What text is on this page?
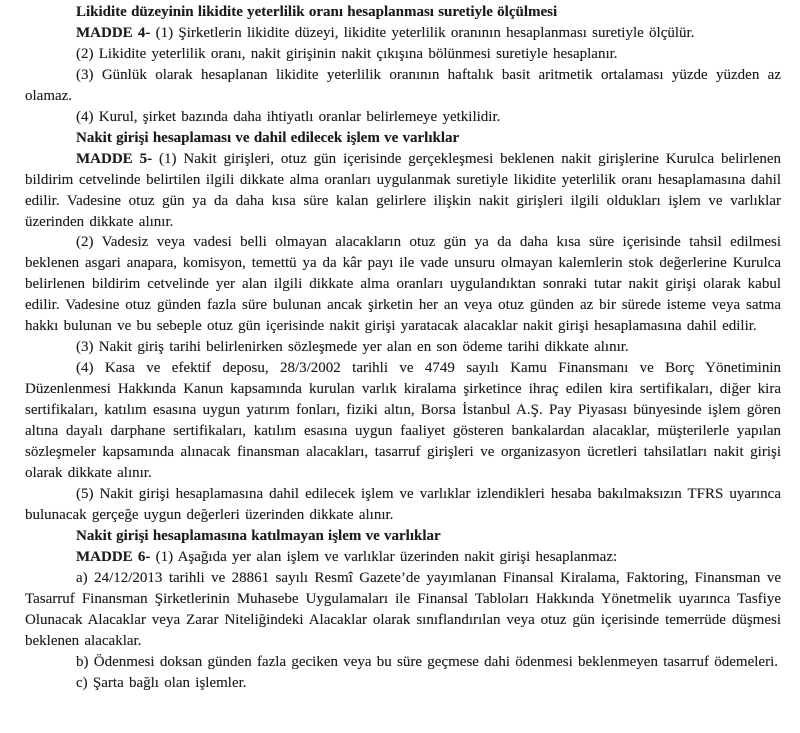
Likidite düzeyinin likidite yeterlilik oranı hesaplanması suretiyle ölçülmesi

MADDE 4- (1) Şirketlerin likidite düzeyi, likidite yeterlilik oranının hesaplanması suretiyle ölçülür.

(2) Likidite yeterlilik oranı, nakit girişinin nakit çıkışına bölünmesi suretiyle hesaplanır.

(3) Günlük olarak hesaplanan likidite yeterlilik oranının haftalık basit aritmetik ortalaması yüzde yüzden az olamaz.

(4) Kurul, şirket bazında daha ihtiyatlı oranlar belirlemeye yetkilidir.

Nakit girişi hesaplaması ve dahil edilecek işlem ve varlıklar

MADDE 5- (1) Nakit girişleri, otuz gün içerisinde gerçekleşmesi beklenen nakit girişlerine Kurulca belirlenen bildirim cetvelinde belirtilen ilgili dikkate alma oranları uygulanmak suretiyle likidite yeterlilik oranı hesaplamasına dahil edilir. Vadesine otuz gün ya da daha kısa süre kalan gelirlere ilişkin nakit girişleri ilgili oldukları işlem ve varlıklar üzerinden dikkate alınır.

(2) Vadesiz veya vadesi belli olmayan alacakların otuz gün ya da daha kısa süre içerisinde tahsil edilmesi beklenen asgari anapara, komisyon, temettü ya da kâr payı ile vade unsuru olmayan kalemlerin stok değerlerine Kurulca belirlenen bildirim cetvelinde yer alan ilgili dikkate alma oranları uygulandıktan sonraki tutar nakit girişi olarak kabul edilir. Vadesine otuz günden fazla süre bulunan ancak şirketin her an veya otuz günden az bir sürede isteme veya satma hakkı bulunan ve bu sebeple otuz gün içerisinde nakit girişi yaratacak alacaklar nakit girişi hesaplamasına dahil edilir.

(3) Nakit giriş tarihi belirlenirken sözleşmede yer alan en son ödeme tarihi dikkate alınır.

(4) Kasa ve efektif deposu, 28/3/2002 tarihli ve 4749 sayılı Kamu Finansmanı ve Borç Yönetiminin Düzenlenmesi Hakkında Kanun kapsamında kurulan varlık kiralama şirketince ihraç edilen kira sertifikaları, diğer kira sertifikaları, katılım esasına uygun yatırım fonları, fiziki altın, Borsa İstanbul A.Ş. Pay Piyasası bünyesinde işlem gören altına dayalı darphane sertifikaları, katılım esasına uygun faaliyet gösteren bankalardan alacaklar, müşterilerle yapılan sözleşmeler kapsamında alınacak finansman alacakları, tasarruf girişleri ve organizasyon ücretleri tahsilatları nakit girişi olarak dikkate alınır.

(5) Nakit girişi hesaplamasına dahil edilecek işlem ve varlıklar izlendikleri hesaba bakılmaksızın TFRS uyarınca bulunacak gerçeğe uygun değerleri üzerinden dikkate alınır.

Nakit girişi hesaplamasına katılmayan işlem ve varlıklar

MADDE 6- (1) Aşağıda yer alan işlem ve varlıklar üzerinden nakit girişi hesaplanmaz:

a) 24/12/2013 tarihli ve 28861 sayılı Resmî Gazete’de yayımlanan Finansal Kiralama, Faktoring, Finansman ve Tasarruf Finansman Şirketlerinin Muhasebe Uygulamaları ile Finansal Tabloları Hakkında Yönetmelik uyarınca Tasfiye Olunacak Alacaklar veya Zarar Niteliğindeki Alacaklar olarak sınıflandırılan veya otuz gün içerisinde temerrüde düşmesi beklenen alacaklar.

b) Ödenmesi doksan günden fazla geciken veya bu süre geçmese dahi ödenmesi beklenmeyen tasarruf ödemeleri.

c) Şarta bağlı olan işlemler.
